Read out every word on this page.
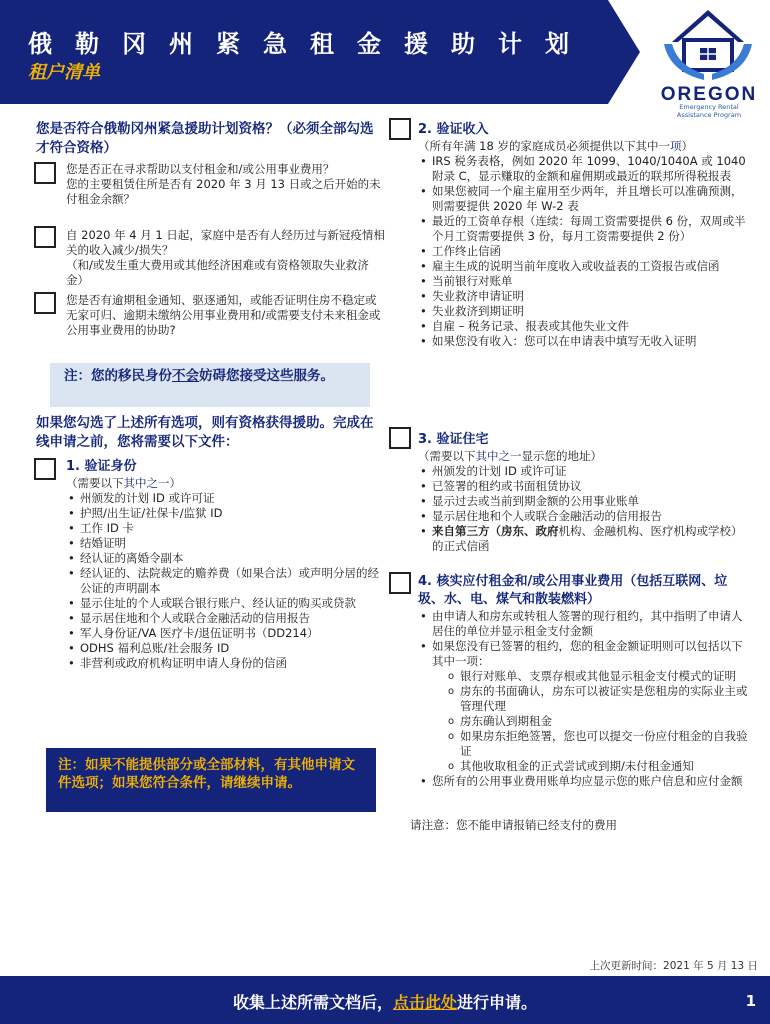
俄勒冈州紧急租金援助计划
租户清单
OREGON
Emergency Rental
Assistance Program
您是否符合俄勒冈州紧急援助计划资格？（必须全部勾选才符合资格）
您是否正在寻求帮助以支付租金和/或公用事业费用？
您的主要租赁住所是否有 2020 年 3 月 13 日或之后开始的未付租金余额？
自 2020 年 4 月 1 日起，家庭中是否有人经历过与新冠疫情相关的收入减少/损失？
（和/或发生重大费用或其他经济困难或有资格领取失业救济金）
您是否有逾期租金通知、驱逐通知，或能否证明住房不稳定或无家可归、逾期未缴纳公用事业费用和/或需要支付未来租金或公用事业费用的协助?
注：您的移民身份不会妨碍您接受这些服务。
如果您勾选了上述所有选项，则有资格获得援助。完成在线申请之前，您将需要以下文件：
1. 验证身份
（需要以下其中之一）
• 州颁发的计划 ID 或许可证
• 护照/出生证/社保卡/监狱 ID
• 工作 ID 卡
• 结婚证明
• 经认证的离婚令副本
• 经认证的、法院裁定的赡养费（如果合法）或声明分居的经公证的声明副本
• 显示住址的个人或联合银行账户、经认证的购买或贷款
• 显示居住地和个人或联合金融活动的信用报告
• 军人身份证/VA 医疗卡/退伍证明书（DD214）
• ODHS 福利总账/社会服务 ID
• 非营利或政府机构证明申请人身份的信函
注：如果不能提供部分或全部材料，有其他申请文件选项；如果您符合条件，请继续申请。
2. 验证收入
（所有年满 18 岁的家庭成员必须提供以下其中一项）
• IRS 税务表格，例如 2020 年 1099、1040/1040A 或 1040 附录 C，显示赚取的金额和雇佣期或最近的联邦所得税报表
• 如果您被同一个雇主雇用至少两年，并且增长可以准确预测，则需要提供 2020 年 W-2 表
• 最近的工资单存根（连续：每周工资需要提供 6 份，双周或半个月工资需要提供 3 份，每月工资需要提供 2 份）
• 工作终止信函
• 雇主生成的说明当前年度收入或收益表的工资报告或信函
• 当前银行对账单
• 失业救济申请证明
• 失业救济到期证明
• 自雇 – 税务记录、报表或其他失业文件
• 如果您没有收入：您可以在申请表中填写无收入证明
3. 验证住宅
（需要以下其中之一显示您的地址）
• 州颁发的计划 ID 或许可证
• 已签署的租约或书面租赁协议
• 显示过去或当前到期金额的公用事业账单
• 显示居住地和个人或联合金融活动的信用报告
• 来自第三方（房东、政府机构、金融机构、医疗机构或学校）的正式信函
4. 核实应付租金和/或公用事业费用（包括互联网、垃圾、水、电、煤气和散装燃料）
• 由申请人和房东或转租人签署的现行租约，其中指明了申请人居住的单位并显示租金支付金额
• 如果您没有已签署的租约，您的租金金额证明则可以包括以下其中一项：
o 银行对账单、支票存根或其他显示租金支付模式的证明
o 房东的书面确认，房东可以被证实是您租房的实际业主或管理代理
o 房东确认到期租金
o 如果房东拒绝签署，您也可以提交一份应付租金的自我验证
o 其他收取租金的正式尝试或到期/未付租金通知
• 您所有的公用事业费用账单均应显示您的账户信息和应付金额
请注意：您不能申请报销已经支付的费用
上次更新时间：2021 年 5 月 13 日
收集上述所需文档后，点击此处进行申请。	1
